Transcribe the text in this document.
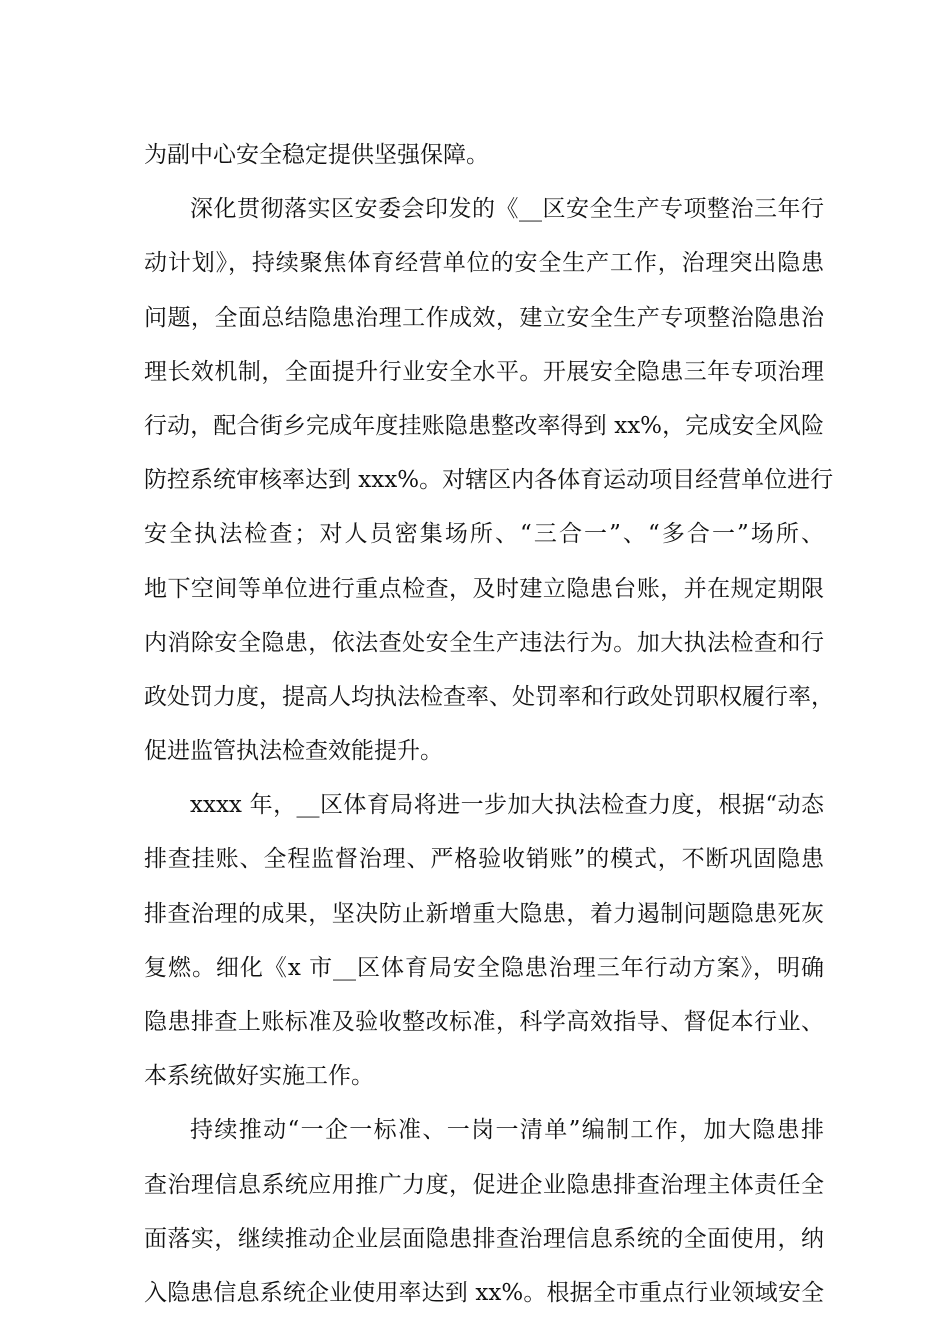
为副中心安全稳定提供坚强保障。
深化贯彻落实区安委会印发的《__区安全生产专项整治三年行
动计划》，持续聚焦体育经营单位的安全生产工作，治理突出隐患
问题，全面总结隐患治理工作成效，建立安全生产专项整治隐患治
理长效机制，全面提升行业安全水平。开展安全隐患三年专项治理
行动，配合街乡完成年度挂账隐患整改率得到 xx%，完成安全风险
防控系统审核率达到 xxx%。对辖区内各体育运动项目经营单位进行
安全执法检查；对人员密集场所、“三合一”、“多合一”场所、
地下空间等单位进行重点检查，及时建立隐患台账，并在规定期限
内消除安全隐患，依法查处安全生产违法行为。加大执法检查和行
政处罚力度，提高人均执法检查率、处罚率和行政处罚职权履行率，
促进监管执法检查效能提升。
xxxx 年，__区体育局将进一步加大执法检查力度，根据“动态
排查挂账、全程监督治理、严格验收销账”的模式，不断巩固隐患
排查治理的成果，坚决防止新增重大隐患，着力遏制问题隐患死灰
复燃。细化《x 市__区体育局安全隐患治理三年行动方案》，明确
隐患排查上账标准及验收整改标准，科学高效指导、督促本行业、
本系统做好实施工作。
持续推动“一企一标准、一岗一清单”编制工作，加大隐患排
查治理信息系统应用推广力度，促进企业隐患排查治理主体责任全
面落实，继续推动企业层面隐患排查治理信息系统的全面使用，纳
入隐患信息系统企业使用率达到 xx%。根据全市重点行业领域安全
